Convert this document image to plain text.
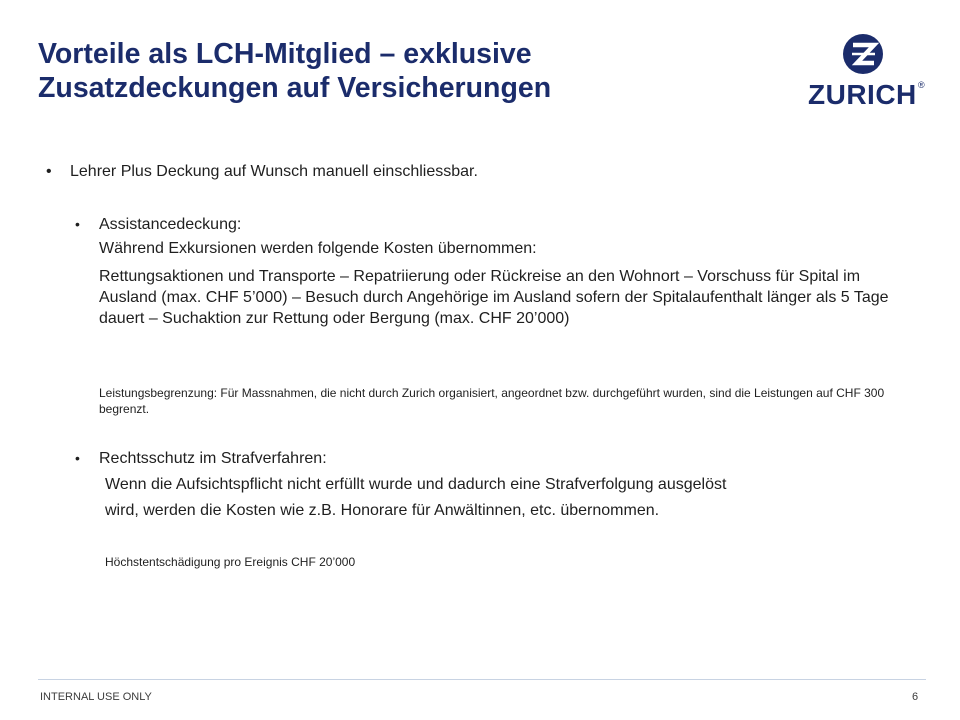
Vorteile als LCH-Mitglied – exklusive Zusatzdeckungen auf Versicherungen	ZURICH ®
• Lehrer Plus Deckung auf Wunsch manuell einschliessbar.

• Assistancedeckung:

Während Exkursionen werden folgende Kosten übernommen:

Rettungsaktionen und Transporte – Repatriierung oder Rückreise an den Wohnort – Vorschuss für Spital im Ausland (max. CHF 5’000) – Besuch durch Angehörige im Ausland sofern der Spitalaufenthalt länger als 5 Tage dauert – Suchaktion zur Rettung oder Bergung (max. CHF 20’000)

Leistungsbegrenzung: Für Massnahmen, die nicht durch Zurich organisiert, angeordnet bzw. durchgeführt wurden, sind die Leistungen auf CHF 300 begrenzt.

• Rechtsschutz im Strafverfahren:

Wenn die Aufsichtspflicht nicht erfüllt wurde und dadurch eine Strafverfolgung ausgelöst

wird, werden die Kosten wie z.B. Honorare für Anwältinnen, etc. übernommen.

Höchstentschädigung pro Ereignis CHF 20’000

INTERNAL USE ONLY	6
